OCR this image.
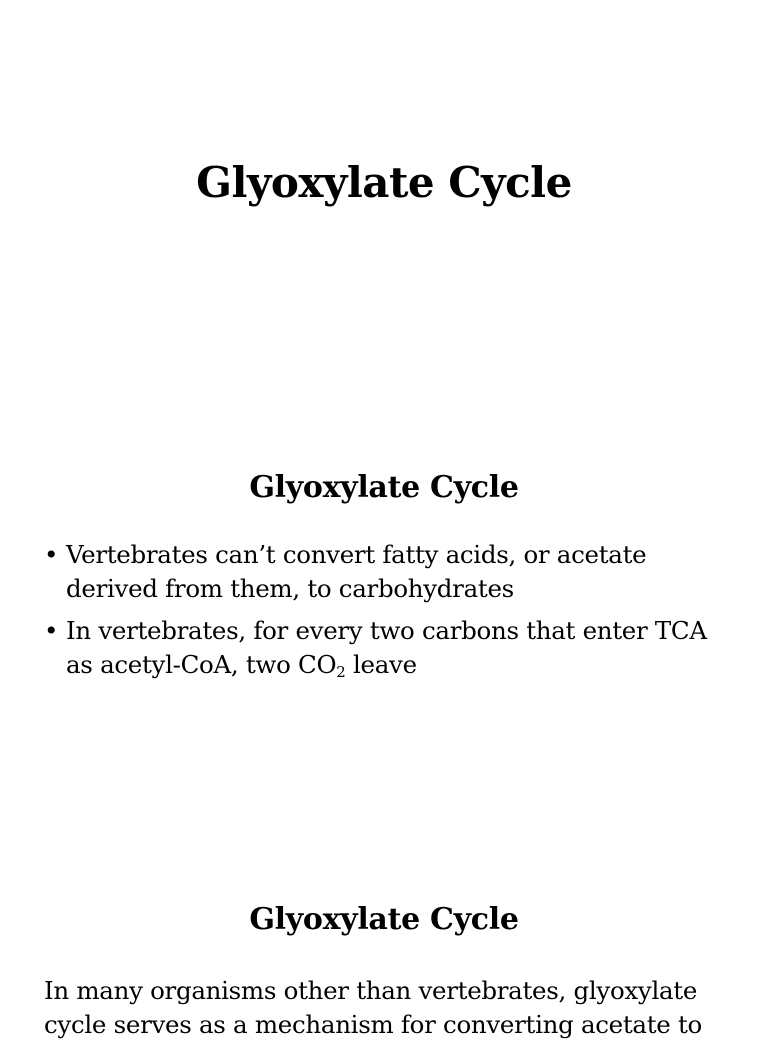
Glyoxylate Cycle
Glyoxylate Cycle
• Vertebrates can’t convert fatty acids, or acetate derived from them, to carbohydrates
• In vertebrates, for every two carbons that enter TCA as acetyl-CoA, two $CO_2$ leave
Glyoxylate Cycle

In many organisms other than vertebrates, glyoxylate cycle serves as a mechanism for converting acetate to
